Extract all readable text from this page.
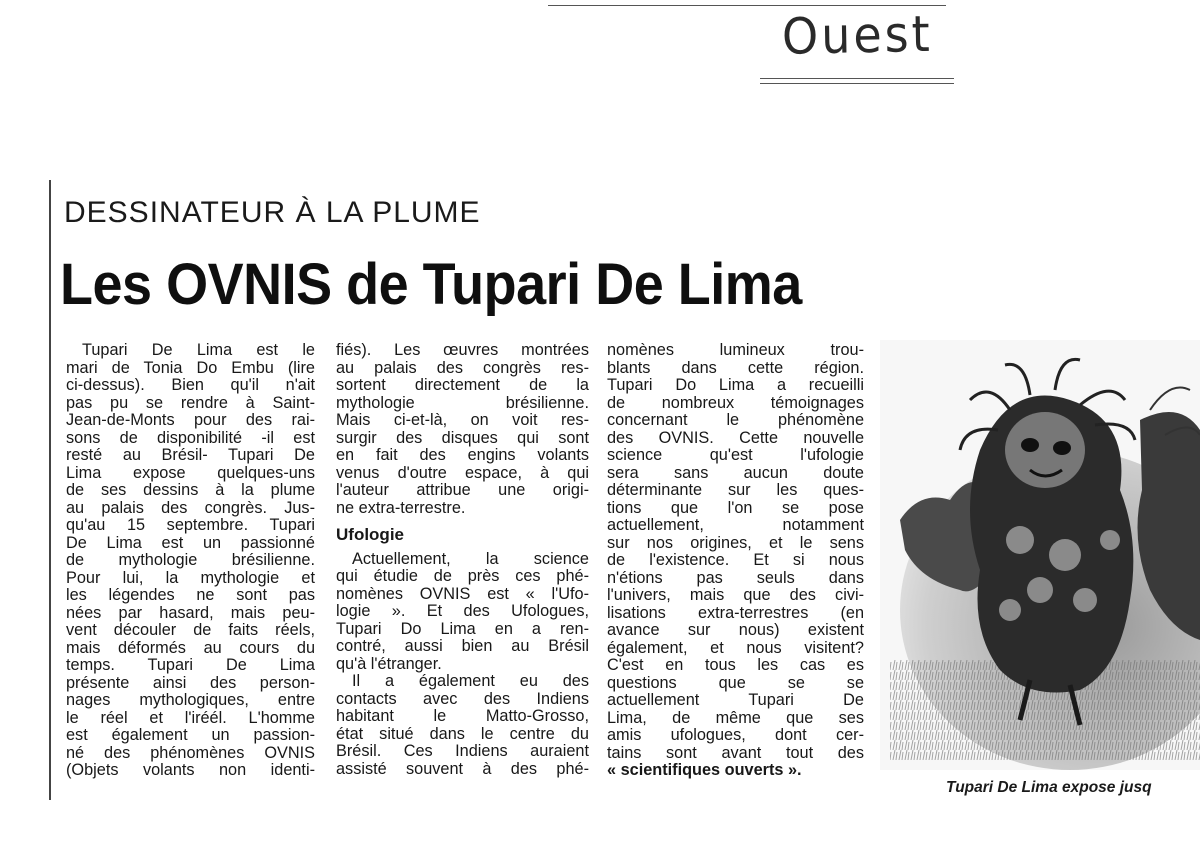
Ouest
DESSINATEUR À LA PLUME
Les OVNIS de Tupari De Lima

Tupari De Lima est le
mari de Tonia Do Embu (lire
ci-dessus). Bien qu'il n'ait
pas pu se rendre à Saint-
Jean-de-Monts pour des rai-
sons de disponibilité -il est
resté au Brésil- Tupari De
Lima expose quelques-uns
de ses dessins à la plume
au palais des congrès. Jus-
qu'au 15 septembre. Tupari
De Lima est un passionné
de mythologie brésilienne.
Pour lui, la mythologie et
les légendes ne sont pas
nées par hasard, mais peu-
vent découler de faits réels,
mais déformés au cours du
temps. Tupari De Lima
présente ainsi des person-
nages mythologiques, entre
le réel et l'iréél. L'homme
est également un passion-
né des phénomènes OVNIS
(Objets volants non identi-

fiés). Les œuvres montrées
au palais des congrès res-
sortent directement de la
mythologie brésilienne.
Mais ci-et-là, on voit res-
surgir des disques qui sont
en fait des engins volants
venus d'outre espace, à qui
l'auteur attribue une origi-
ne extra-terrestre.

Ufologie

Actuellement, la science
qui étudie de près ces phé-
nomènes OVNIS est « l'Ufo-
logie ». Et des Ufologues,
Tupari Do Lima en a ren-
contré, aussi bien au Brésil
qu'à l'étranger.

Il a également eu des
contacts avec des Indiens
habitant le Matto-Grosso,
état situé dans le centre du
Brésil. Ces Indiens auraient
assisté souvent à des phé-

nomènes lumineux trou-
blants dans cette région.
Tupari Do Lima a recueilli
de nombreux témoignages
concernant le phénomène
des OVNIS. Cette nouvelle
science qu'est l'ufologie
sera sans aucun doute
déterminante sur les ques-
tions que l'on se pose
actuellement, notamment
sur nos origines, et le sens
de l'existence. Et si nous
n'étions pas seuls dans
l'univers, mais que des civi-
lisations extra-terrestres (en
avance sur nous) existent
également, et nous visitent?
C'est en tous les cas es
questions que se se
actuellement Tupari De
Lima, de même que ses
amis ufologues, dont cer-
tains sont avant tout des
« scientifiques ouverts ».

Tupari De Lima expose jusq
